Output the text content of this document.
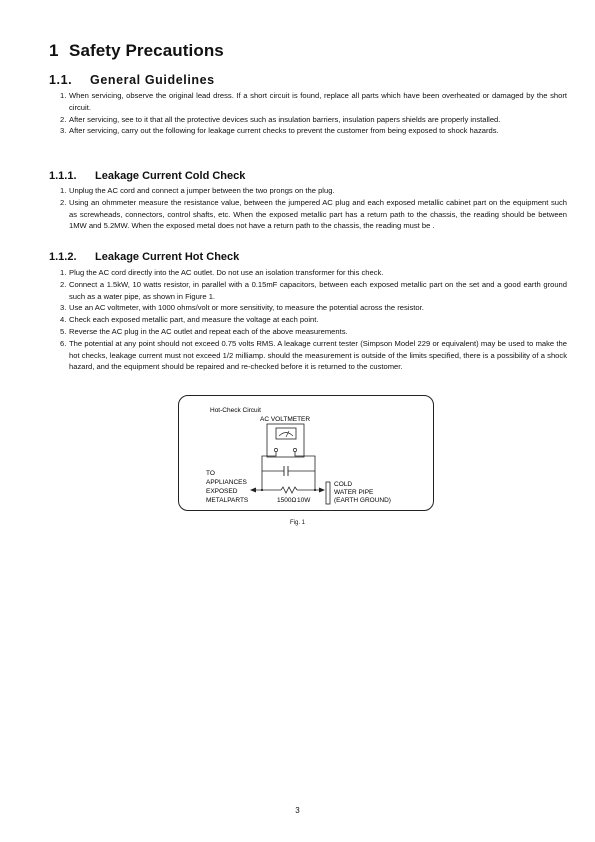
1 Safety Precautions
1.1. General Guidelines
1. When servicing, observe the original lead dress. If a short circuit is found, replace all parts which have been overheated or damaged by the short circuit.
2. After servicing, see to it that all the protective devices such as insulation barriers, insulation papers shields are properly installed.
3. After servicing, carry out the following for leakage current checks to prevent the customer from being exposed to shock hazards.
1.1.1. Leakage Current Cold Check
1. Unplug the AC cord and connect a jumper between the two prongs on the plug.
2. Using an ohmmeter measure the resistance value, between the jumpered AC plug and each exposed metallic cabinet part on the equipment such as screwheads, connectors, control shafts, etc. When the exposed metallic part has a return path to the chassis, the reading should be between 1MW and 5.2MW. When the exposed metal does not have a return path to the chassis, the reading must be .
1.1.2. Leakage Current Hot Check
1. Plug the AC cord directly into the AC outlet. Do not use an isolation transformer for this check.
2. Connect a 1.5kW, 10 watts resistor, in parallel with a 0.15mF capacitors, between each exposed metallic part on the set and a good earth ground such as a water pipe, as shown in Figure 1.
3. Use an AC voltmeter, with 1000 ohms/volt or more sensitivity, to measure the potential across the resistor.
4. Check each exposed metallic part, and measure the voltage at each point.
5. Reverse the AC plug in the AC outlet and repeat each of the above measurements.
6. The potential at any point should not exceed 0.75 volts RMS. A leakage current tester (Simpson Model 229 or equivalent) may be used to make the hot checks, leakage current must not exceed 1/2 milliamp. should the measurement is outside of the limits specified, there is a possibility of a shock hazard, and the equipment should be repaired and re-checked before it is returned to the customer.
Hot-Check Circuit
AC VOLTMETER
TO APPLIANCES EXPOSED METALPARTS	1500Ω 10W
COLD WATER PIPE (EARTH GROUND)
Fig. 1
3
